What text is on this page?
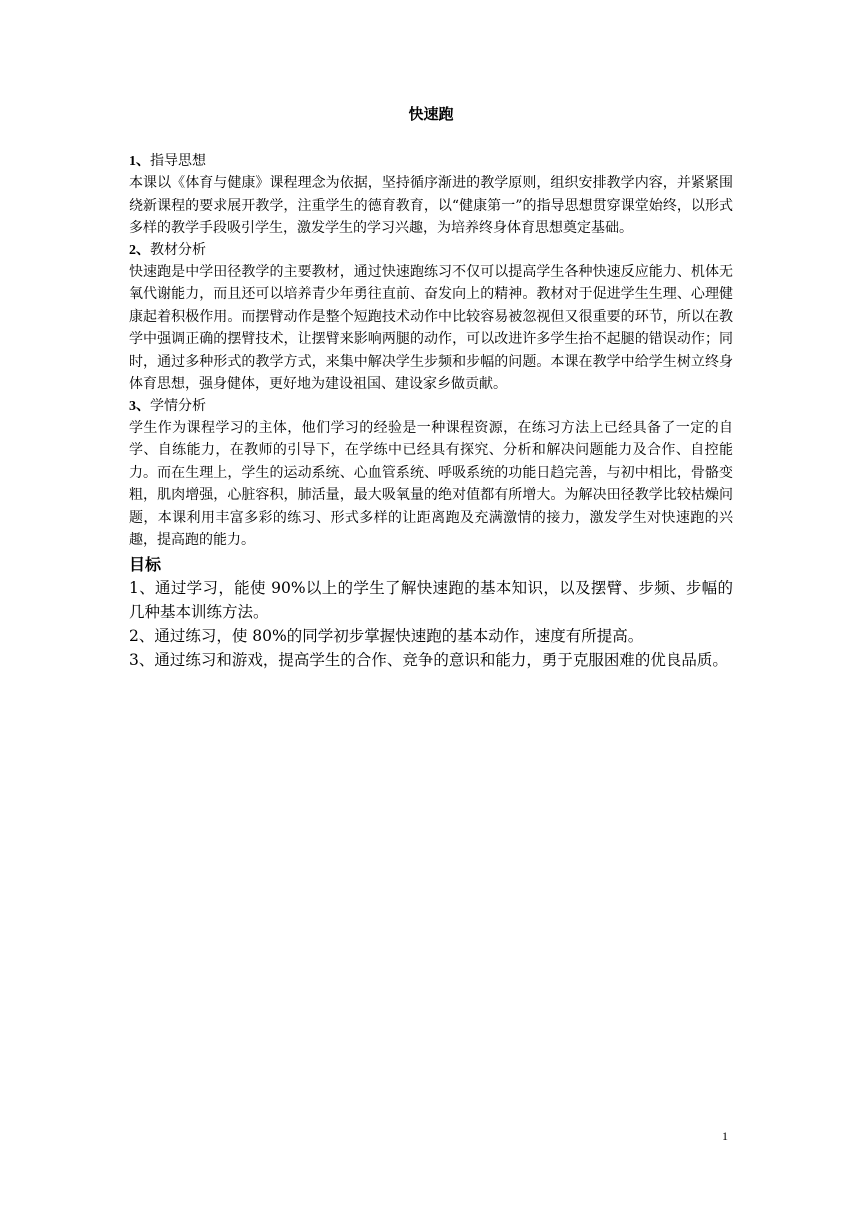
快速跑

1、指导思想

本课以《体育与健康》课程理念为依据，坚持循序渐进的教学原则，组织安排教学内容，并紧紧围绕新课程的要求展开教学，注重学生的德育教育，以“健康第一”的指导思想贯穿课堂始终，以形式多样的教学手段吸引学生，激发学生的学习兴趣，为培养终身体育思想奠定基础。

2、教材分析

快速跑是中学田径教学的主要教材，通过快速跑练习不仅可以提高学生各种快速反应能力、机体无氧代谢能力，而且还可以培养青少年勇往直前、奋发向上的精神。教材对于促进学生生理、心理健康起着积极作用。而摆臂动作是整个短跑技术动作中比较容易被忽视但又很重要的环节，所以在教学中强调正确的摆臂技术，让摆臂来影响两腿的动作，可以改进许多学生抬不起腿的错误动作；同时，通过多种形式的教学方式，来集中解决学生步频和步幅的问题。本课在教学中给学生树立终身体育思想，强身健体，更好地为建设祖国、建设家乡做贡献。

3、学情分析

学生作为课程学习的主体，他们学习的经验是一种课程资源，在练习方法上已经具备了一定的自学、自练能力，在教师的引导下，在学练中已经具有探究、分析和解决问题能力及合作、自控能力。而在生理上，学生的运动系统、心血管系统、呼吸系统的功能日趋完善，与初中相比，骨骼变粗，肌肉增强，心脏容积，肺活量，最大吸氧量的绝对值都有所增大。为解决田径教学比较枯燥问题，本课利用丰富多彩的练习、形式多样的让距离跑及充满激情的接力，激发学生对快速跑的兴趣，提高跑的能力。

目标

1、通过学习，能使 90%以上的学生了解快速跑的基本知识，以及摆臂、步频、步幅的几种基本训练方法。

2、通过练习，使 80%的同学初步掌握快速跑的基本动作，速度有所提高。

3、通过练习和游戏，提高学生的合作、竞争的意识和能力，勇于克服困难的优良品质。

1
